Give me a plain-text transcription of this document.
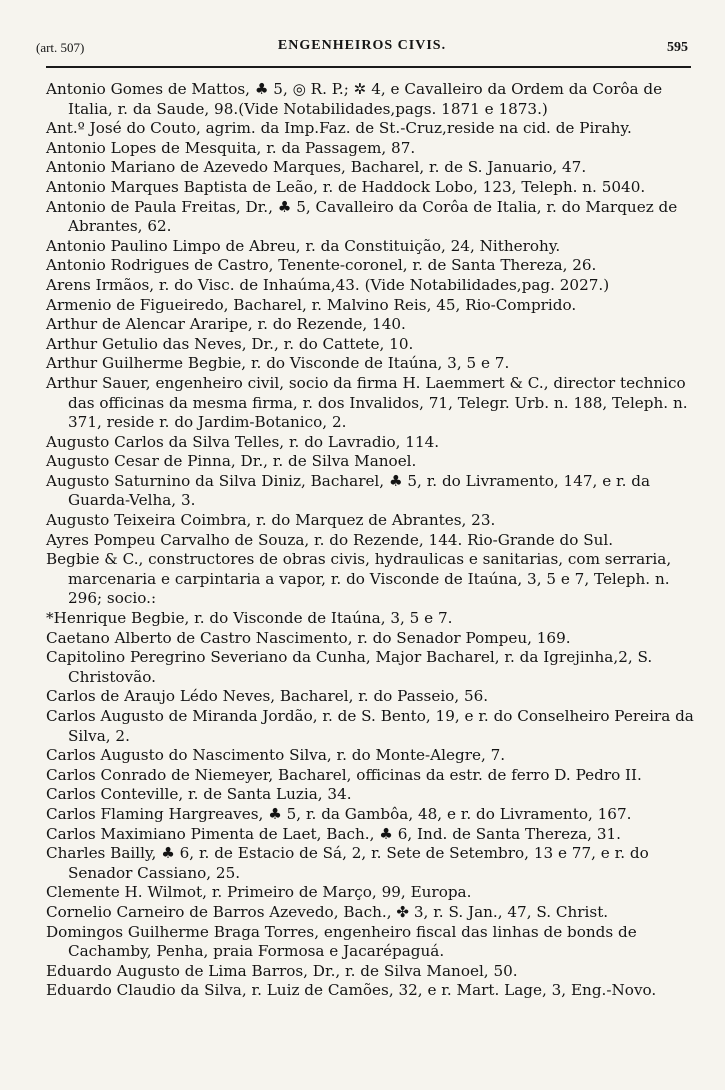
(art. 507)	ENGENHEIROS CIVIS.	595

Antonio Gomes de Mattos, ♣ 5, ◎ R. P.; ✲ 4, e Cavalleiro da Ordem da Corôa de Italia, r. da Saude, 98.(Vide Notabilidades,pags. 1871 e 1873.)

Ant.º José do Couto, agrim. da Imp.Faz. de St.-Cruz,reside na cid. de Pirahy.

Antonio Lopes de Mesquita, r. da Passagem, 87.

Antonio Mariano de Azevedo Marques, Bacharel, r. de S. Januario, 47.

Antonio Marques Baptista de Leão, r. de Haddock Lobo, 123, Teleph. n. 5040.

Antonio de Paula Freitas, Dr., ♣ 5, Cavalleiro da Corôa de Italia, r. do Marquez de Abrantes, 62.

Antonio Paulino Limpo de Abreu, r. da Constituição, 24, Nitherohy.

Antonio Rodrigues de Castro, Tenente-coronel, r. de Santa Thereza, 26.

Arens Irmãos, r. do Visc. de Inhaúma,43. (Vide Notabilidades,pag. 2027.)

Armenio de Figueiredo, Bacharel, r. Malvino Reis, 45, Rio-Comprido.

Arthur de Alencar Araripe, r. do Rezende, 140.

Arthur Getulio das Neves, Dr., r. do Cattete, 10.

Arthur Guilherme Begbie, r. do Visconde de Itaúna, 3, 5 e 7.

Arthur Sauer, engenheiro civil, socio da firma H. Laemmert & C., director technico das officinas da mesma firma, r. dos Invalidos, 71, Telegr. Urb. n. 188, Teleph. n. 371, reside r. do Jardim-Botanico, 2.

Augusto Carlos da Silva Telles, r. do Lavradio, 114.

Augusto Cesar de Pinna, Dr., r. de Silva Manoel.

Augusto Saturnino da Silva Diniz, Bacharel, ♣ 5, r. do Livramento, 147, e r. da Guarda-Velha, 3.

Augusto Teixeira Coimbra, r. do Marquez de Abrantes, 23.

Ayres Pompeu Carvalho de Souza, r. do Rezende, 144. Rio-Grande do Sul.

Begbie & C., constructores de obras civis, hydraulicas e sanitarias, com serraria, marcenaria e carpintaria a vapor, r. do Visconde de Itaúna, 3, 5 e 7, Teleph. n. 296; socio.:

*Henrique Begbie, r. do Visconde de Itaúna, 3, 5 e 7.

Caetano Alberto de Castro Nascimento, r. do Senador Pompeu, 169.

Capitolino Peregrino Severiano da Cunha, Major Bacharel, r. da Igrejinha,2, S. Christovão.

Carlos de Araujo Lédo Neves, Bacharel, r. do Passeio, 56.

Carlos Augusto de Miranda Jordão, r. de S. Bento, 19, e r. do Conselheiro Pereira da Silva, 2.

Carlos Augusto do Nascimento Silva, r. do Monte-Alegre, 7.

Carlos Conrado de Niemeyer, Bacharel, officinas da estr. de ferro D. Pedro II.

Carlos Conteville, r. de Santa Luzia, 34.

Carlos Flaming Hargreaves, ♣ 5, r. da Gambôa, 48, e r. do Livramento, 167.

Carlos Maximiano Pimenta de Laet, Bach., ♣ 6, Ind. de Santa Thereza, 31.

Charles Bailly, ♣ 6, r. de Estacio de Sá, 2, r. Sete de Setembro, 13 e 77, e r. do Senador Cassiano, 25.

Clemente H. Wilmot, r. Primeiro de Março, 99, Europa.

Cornelio Carneiro de Barros Azevedo, Bach., ✤ 3, r. S. Jan., 47, S. Christ.

Domingos Guilherme Braga Torres, engenheiro fiscal das linhas de bonds de Cachamby, Penha, praia Formosa e Jacarépaguá.

Eduardo Augusto de Lima Barros, Dr., r. de Silva Manoel, 50.

Eduardo Claudio da Silva, r. Luiz de Camões, 32, e r. Mart. Lage, 3, Eng.-Novo.
